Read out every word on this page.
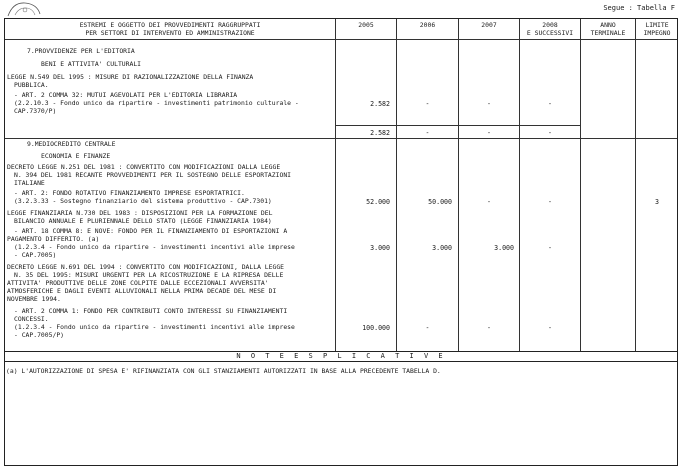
Segue : Tabella F
ESTREMI E OGGETTO DEI PROVVEDIMENTI RAGGRUPPATI
PER SETTORI DI INTERVENTO ED AMMINISTRAZIONE
2005	2006	2007	2008
E SUCCESSIVI
ANNO
TERMINALE
LIMITE
IMPEGNO
7.PROVVIDENZE PER L'EDITORIA
BENI E ATTIVITA' CULTURALI
LEGGE N.549 DEL 1995 : MISURE DI RAZIONALIZZAZIONE DELLA FINANZA
PUBBLICA.
- ART. 2 COMMA 32: MUTUI AGEVOLATI PER L'EDITORIA LIBRARIA
(2.2.10.3 - Fondo unico da ripartire - investimenti patrimonio culturale -
CAP.7370/P)
2.582	-	-	-
2.582	-	-	-
9.MEDIOCREDITO CENTRALE
ECONOMIA E FINANZE
DECRETO LEGGE N.251 DEL 1981 : CONVERTITO CON MODIFICAZIONI DALLA LEGGE
N. 394 DEL 1981 RECANTE PROVVEDIMENTI PER IL SOSTEGNO DELLE ESPORTAZIONI
ITALIANE
- ART. 2: FONDO ROTATIVO FINANZIAMENTO IMPRESE ESPORTATRICI.
(3.2.3.33 - Sostegno finanziario del sistema produttivo - CAP.7301)	52.000	50.000	-	-	3
LEGGE FINANZIARIA N.730 DEL 1983 : DISPOSIZIONI PER LA FORMAZIONE DEL
BILANCIO ANNUALE E PLURIENNALE DELLO STATO (LEGGE FINANZIARIA 1984)
- ART. 18 COMMA 8: E NOVE: FONDO PER IL FINANZIAMENTO DI ESPORTAZIONI A
PAGAMENTO DIFFERITO. (a)
(1.2.3.4 - Fondo unico da ripartire - investimenti incentivi alle imprese
- CAP.7005)
3.000	3.000	3.000	-
DECRETO LEGGE N.691 DEL 1994 : CONVERTITO CON MODIFICAZIONI, DALLA LEGGE
N. 35 DEL 1995: MISURI URGENTI PER LA RICOSTRUZIONE E LA RIPRESA DELLE
ATTIVITA' PRODUTTIVE DELLE ZONE COLPITE DALLE ECCEZIONALI AVVERSITA'
ATMOSFERICHE E DAGLI EVENTI ALLUVIONALI NELLA PRIMA DECADE DEL MESE DI
NOVEMBRE 1994.
- ART. 2 COMMA 1: FONDO PER CONTRIBUTI CONTO INTERESSI SU FINANZIAMENTI
CONCESSI.
(1.2.3.4 - Fondo unico da ripartire - investimenti incentivi alle imprese
- CAP.7005/P)
100.000	-	-	-
N O T E E S P L I C A T I V E
(a) L'AUTORIZZAZIONE DI SPESA E' RIFINANZIATA CON GLI STANZIAMENTI AUTORIZZATI IN BASE ALLA PRECEDENTE TABELLA D.
